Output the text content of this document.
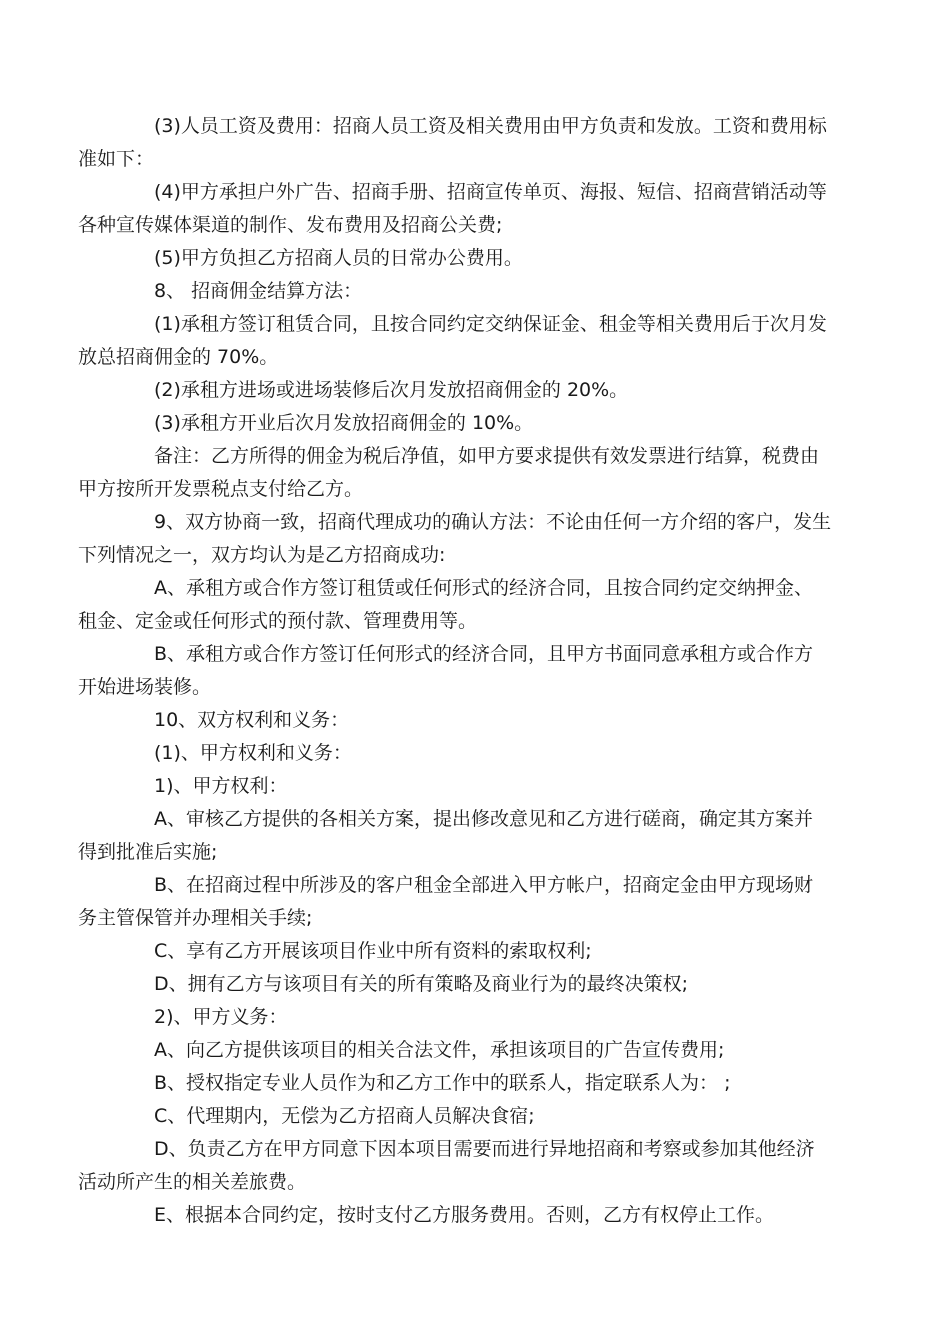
(3)人员工资及费用：招商人员工资及相关费用由甲方负责和发放。工资和费用标
准如下：
(4)甲方承担户外广告、招商手册、招商宣传单页、海报、短信、招商营销活动等
各种宣传媒体渠道的制作、发布费用及招商公关费;
(5)甲方负担乙方招商人员的日常办公费用。
8、 招商佣金结算方法：
(1)承租方签订租赁合同，且按合同约定交纳保证金、租金等相关费用后于次月发
放总招商佣金的 70%。
(2)承租方进场或进场装修后次月发放招商佣金的 20%。
(3)承租方开业后次月发放招商佣金的 10%。
备注：乙方所得的佣金为税后净值，如甲方要求提供有效发票进行结算，税费由
甲方按所开发票税点支付给乙方。
9、双方协商一致，招商代理成功的确认方法：不论由任何一方介绍的客户，发生
下列情况之一，双方均认为是乙方招商成功:
A、承租方或合作方签订租赁或任何形式的经济合同，且按合同约定交纳押金、
租金、定金或任何形式的预付款、管理费用等。
B、承租方或合作方签订任何形式的经济合同，且甲方书面同意承租方或合作方
开始进场装修。
10、双方权利和义务：
(1)、甲方权利和义务：
1)、甲方权利：
A、审核乙方提供的各相关方案，提出修改意见和乙方进行磋商，确定其方案并
得到批准后实施;
B、在招商过程中所涉及的客户租金全部进入甲方帐户，招商定金由甲方现场财
务主管保管并办理相关手续;
C、享有乙方开展该项目作业中所有资料的索取权利;
D、拥有乙方与该项目有关的所有策略及商业行为的最终决策权;
2)、甲方义务：
A、向乙方提供该项目的相关合法文件，承担该项目的广告宣传费用;
B、授权指定专业人员作为和乙方工作中的联系人，指定联系人为： ;
C、代理期内，无偿为乙方招商人员解决食宿;
D、负责乙方在甲方同意下因本项目需要而进行异地招商和考察或参加其他经济
活动所产生的相关差旅费。
E、根据本合同约定，按时支付乙方服务费用。否则，乙方有权停止工作。
